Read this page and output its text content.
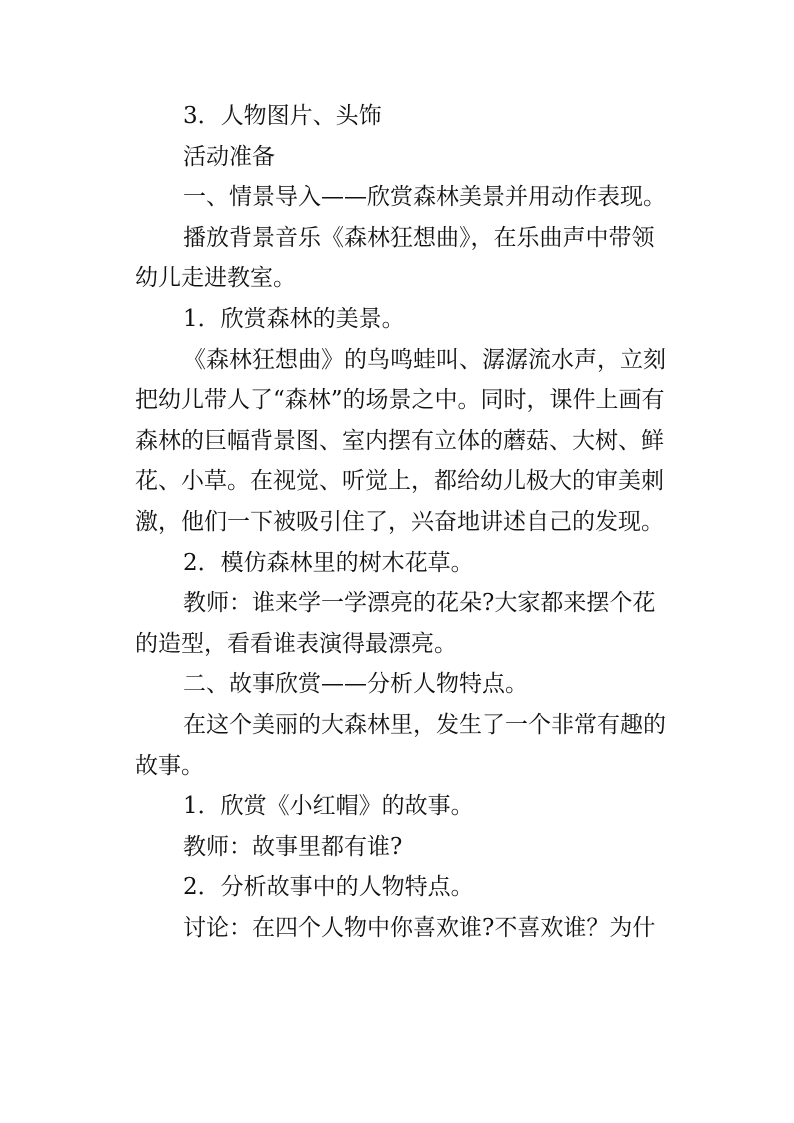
3．人物图片、头饰

活动准备

一、情景导入——欣赏森林美景并用动作表现。

播放背景音乐《森林狂想曲》，在乐曲声中带领幼儿走进教室。

1．欣赏森林的美景。

《森林狂想曲》的鸟鸣蛙叫、潺潺流水声，立刻把幼儿带人了“森林”的场景之中。同时，课件上画有森林的巨幅背景图、室内摆有立体的蘑菇、大树、鲜花、小草。在视觉、听觉上，都给幼儿极大的审美刺激，他们一下被吸引住了，兴奋地讲述自己的发现。

2．模仿森林里的树木花草。

教师：谁来学一学漂亮的花朵?大家都来摆个花的造型，看看谁表演得最漂亮。

二、故事欣赏——分析人物特点。

在这个美丽的大森林里，发生了一个非常有趣的故事。

1．欣赏《小红帽》的故事。

教师：故事里都有谁?

2．分析故事中的人物特点。

讨论：在四个人物中你喜欢谁?不喜欢谁？为什
